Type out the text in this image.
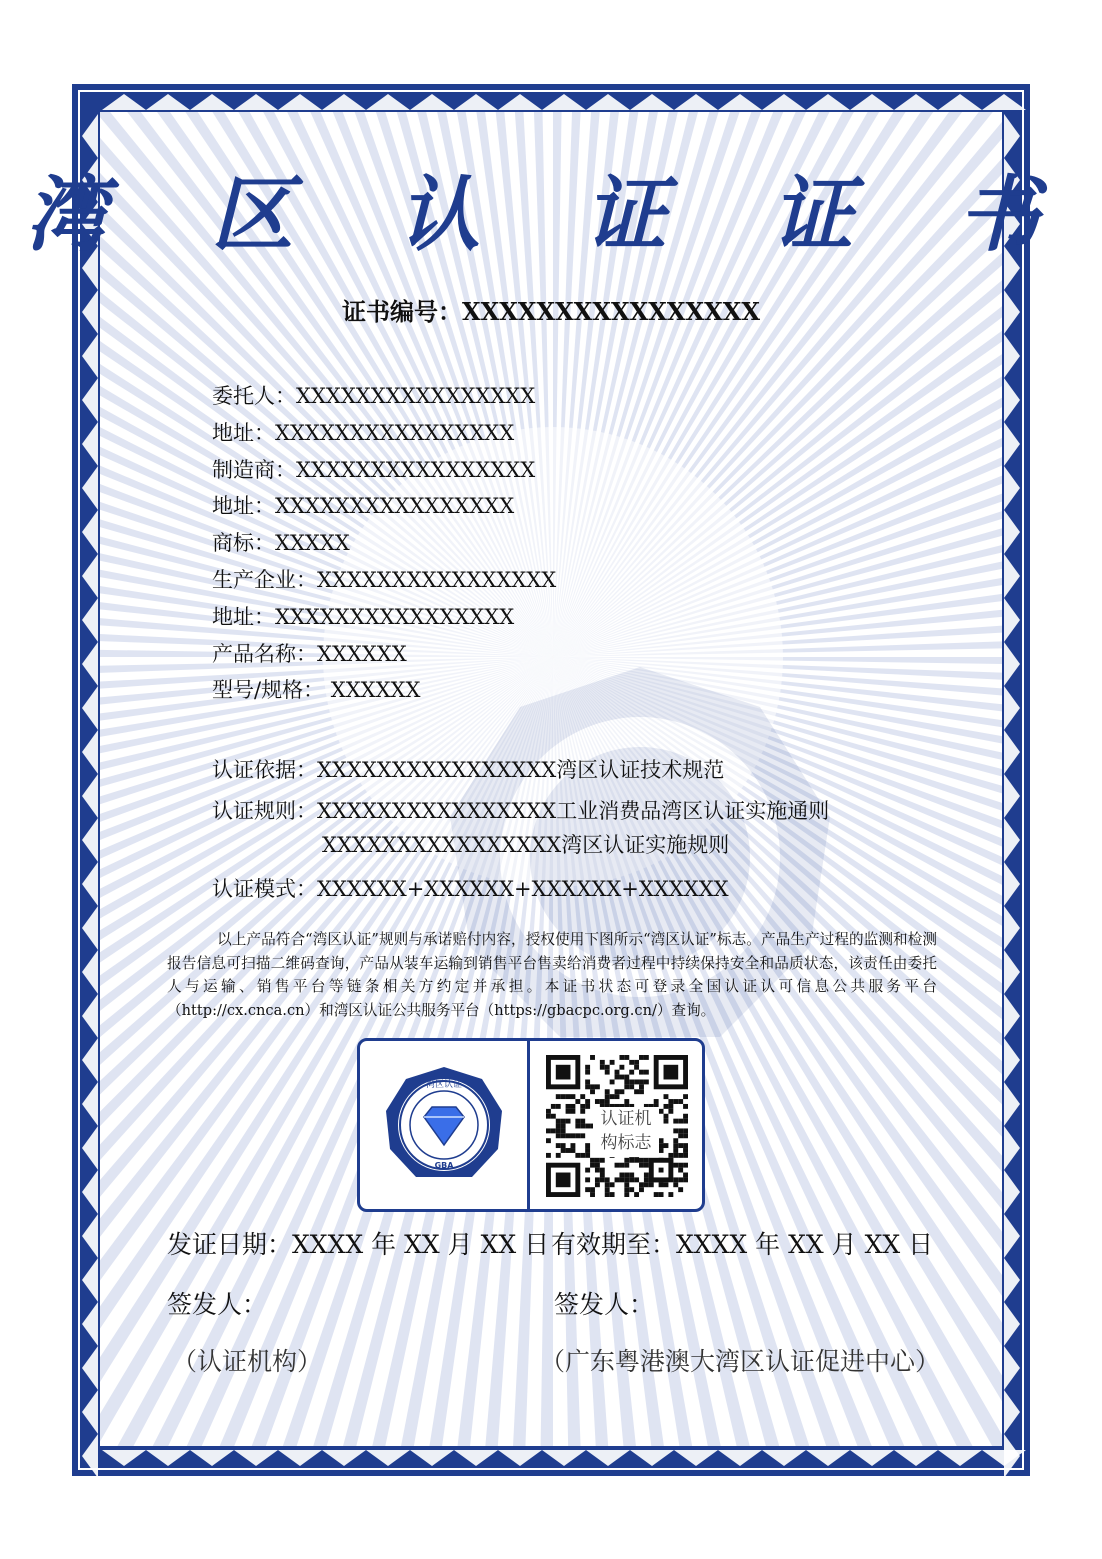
湾 区 认 证 证 书
证书编号：XXXXXXXXXXXXXXXX
委托人：XXXXXXXXXXXXXXXX
地址：XXXXXXXXXXXXXXXX
制造商：XXXXXXXXXXXXXXXX
地址：XXXXXXXXXXXXXXXX
商标：XXXXX
生产企业：XXXXXXXXXXXXXXXX
地址：XXXXXXXXXXXXXXXX
产品名称：XXXXXX
型号/规格： XXXXXX
认证依据：XXXXXXXXXXXXXXXX湾区认证技术规范
认证规则：XXXXXXXXXXXXXXXX工业消费品湾区认证实施通则
XXXXXXXXXXXXXXXX湾区认证实施规则
认证模式：XXXXXX+XXXXXX+XXXXXX+XXXXXX
以上产品符合“湾区认证”规则与承诺赔付内容，授权使用下图所示“湾区认证”标志。产品生产过程的监测和检测报告信息可扫描二维码查询，产品从装车运输到销售平台售卖给消费者过程中持续保持安全和品质状态，该责任由委托人与运输、销售平台等链条相关方约定并承担。本证书状态可登录全国认证认可信息公共服务平台（http://cx.cnca.cn）和湾区认证公共服务平台（https://gbacpc.org.cn/）查询。
湾区认证
GBA
认证机
构标志
发证日期：XXXX 年 XX 月 XX 日 有效期至：XXXX 年 XX 月 XX 日
签发人：	签发人：
（认证机构）	（广东粤港澳大湾区认证促进中心）
